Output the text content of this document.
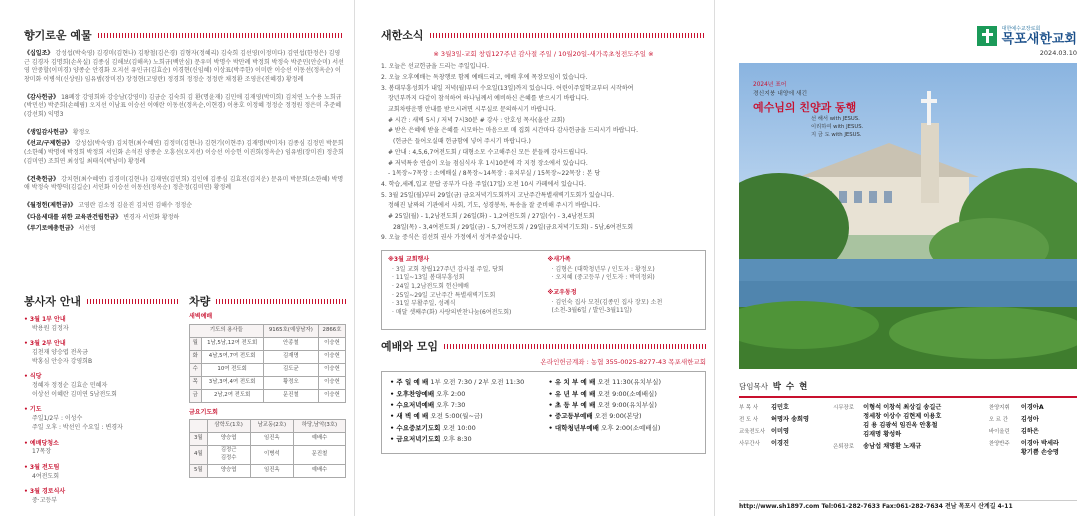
향기로운 예물
《십일조》 강성섭(박숙영) 김경미(김현나) 김왕철(김은경) 김형자(정혜리) 김숙희 김선영(이정미다) 김연섭(한정은) 김영근 김경자 김명희(손옥실) 김종심 김해보(김해옥) 노희규(백안심) 문우미 박명수 박만례 박정희 박정숙 박준민(안순미) 서선영 안중할(이미경) 양종순 안경화 오지선 유인규(김효순) 이경현(신임혜) 이상표(박주한) 이미란 이승선 이동선(정옥순) 이창미화 이병석(신상원) 임유범(장미진) 장정현(고영란) 정경희 정정순 정정란 채정환 조영운(진혜경) 황정례
《감사헌금》 18폐장 강영희와 강승남(강영미) 김금순 김숙희 김 환(명윤재) 김민애 김재영(박미희) 김치연 노수용 노희규(박민선) 박준희(손혜림) 오지선 이남표 이승선 이애란 이동선(정옥순,이현경) 이용호 이정혜 정정순 정정원 정은미 추준혜(강선회) 익명3
《생일감사헌금》 황정오
《선교/구제헌금》 강성섭(박숙영) 김치현(최수혜연) 김정미(김현나) 김현기(이현주) 김재명(박미자) 김종심 김정민 박문희(소한혜) 박명애 박정희 박정희 서인화 손석진 양종순 오흥선(오지선) 이승선 이승헌 이진희(정옥순) 임유범(장미진) 정춘희(김미연) 조희연 최성일 최태식(박남미) 황정례
《건축헌금》 강치현(최수혜연) 김경미(김현나) 김재연(김민희) 김인애 김종심 김효진(김지운) 문유미 박문희(소한혜) 박명애 박정숙 박향덕(김길순) 서인화 이승선 이동선(정옥순) 정춘정(김미연) 황정례
《월정헌(제헌금)》 고영란 김소정 김윤진 김치연 김해수 정정순
《다음세대를 위한 교육관건립헌금》 변경자 서인화 황정하
《루기로예총헌금》 서선영
봉사자 안내
• 3월 1부 안내
박용원 김정자
• 3월 2부 안내
김천재 양승엽 전옥금
박홍심 안승자 강영희B
• 식당
정혜자 정정순 김효순 민혜자
이상선 이혜란 김미연 5남전도회
• 기도
주일1/2부 : 이성수
주일 오후 : 박선인 수요일 : 변경자
• 예배당청소
17목장
• 3월 전도팀
4여전도회
• 3월 경로식사
중·고등부
차량
새벽예배
기도의 용사들		9165호(예상남자)	2866호

월	1남,5남,12여 전도회	안종철	이승헌

화	4남,5여,7여 전도회	김재명	이승헌

수	10여 전도회	김도균	이승헌

목	3남,3여,4여 전도회	황정오	이승헌

금	2남,2여 전도회	문진철	이승헌
금요기도회

	삼학도(1호)	남교동(2호)	하당,남악(3호)

3월	양승엽	임진옥	예배수

4월	김정근
김정수	이병석	문진철

5월	양승엽	임진옥	예배수
새한소식
※ 3월3일-교회 창립127주년 감사절 주일 / 10월20일-새가족초청전도주일 ※
1. 오늘은 선교헌금을 드리는 주일입니다.
2. 오늘 오후예배는 독창행로 함께 예배드리고, 예배 후에 목장모임이 있습니다.
3. 봄대부흥성회가 내일 저녁(월)부터 수요일(13일)까지 있습니다. 어린이주일학교부터 시작하여
장년부까지 다같이 참석하여 하나님께서 예비하신 은혜를 받으시기 바랍니다.
교회차량운행 안내를 받으시려면 시무실로 문의하시기 바랍니다.
# 시간 : 새벽 5시 / 저녁 7시30분 # 강사 : 안호성 목사(울산 교회)
# 받은 은혜에 받을 은혜를 시모하는 마음으로 매 집회 시간마다 감사헌금을 드리시기 바랍니다.
(헌금은 들어오실때 헌금함에 넣어 주시기 바랍니다.)
# 안내 : 4,5,6,7여전도회 / 대형소모 수고해주신 모든 분들께 감사드립니다.
# 저녁특송 연습이 오늘 점심식사 후 1시10분에 각 지정 장소에서 있습니다.
- 1목장~7목장 : 소예배실 / 8목장~14목장 : 유치부실 / 15목장~22목장 : 본 당
4. 학습,세례,입교 문답 공부가 다음 주일(17일) 오전 10시 카페에서 있습니다.
5. 3월 25일(월)부터 29일(금) 금요저녁기도회까지 고난주간특별새벽기도회가 있습니다.
정해진 날짜의 기관에서 사회, 기도, 성경봉독, 특송을 잘 준비해 주시기 바랍니다.
# 25일(월) - 1,2남전도회 / 26일(화) - 1,2여전도회 / 27일(수) - 3,4남전도회
28일(목) - 3,4여전도회 / 29일(금) - 5,7여전도회 / 29일(금요저녁기도회) - 5남,6여전도회
9. 오늘 증식은 김선희 권사 가정에서 성겨주셨습니다.
※3월 교회행사
· 3일 교회 창립127주년 감사절 주일, 당회
· 11일~13일 봄대부흥성회
· 24일 1,2남전도회 헌신예배
· 25일~29일 고난주간 특별새벽기도회
· 31일 부활주일, 성례식
· 매달 셋째주(화) 사랑의반찬나눔(6여전도회)
※새가족
· 김형은 (대학청년부 / 인도자 : 황정오)
· 오지혜 (중고등부 / 인도자 : 박미정외)
※교우동정
· 김인숙 집사 모친(김종민 집사 장모) 소천
(소천-3월6일 / 발인-3월11일)
예배와 모임
온라인헌금계좌 : 농협 355-0025-8277-43 목포새한교회
• 주 일 예 배 1부 오전 7:30 / 2부 오전 11:30
• 오후찬양예배 오후 2:00
• 수요저녁예배 오후 7:30
• 새 벽 예 배 오전 5:00(월~금)
• 수요중보기도회 오전 10:00
• 금요저녁기도회 오후 8:30
• 유 치 부 예 배 오전 11:30(유치부실)
• 유 년 부 예 배 오전 9:00(소예배실)
• 초 등 부 예 배 오전 9:00(유치부실)
• 중고등부예배 오전 9:00(본당)
• 대학청년부예배 오후 2:00(소예배실)
대한예수교장로회
목포새한교회
2024.03.10
2024년 표어
경신지붕 내양에 새긴
예수님의 친양과 동행
선 해서 with JESUS.
이리하여 with JESUS.
지 금 도 with JESUS.
담임목사 박 수 현
부 목 사	김민호
전 도 사	허명자 송희영
교육전도사 이미영
사무간사	이경진
시무장로	이형석 이창석 최상길 송길근
정세창 이상수 김현제 이용호
김 용 김광석 임진옥 안홍철
김재명 황성하
은퇴장로	송남섭 채명환 노재규
찬양지휘	이경아A
오 르 간	김성아
바이올린	김하은
찬양반주	이경아 박세라
황기쁨 손승명
http://www.sh1897.com Tel:061-282-7633 Fax:061-282-7634 전남 목포시 산계길 4-11
